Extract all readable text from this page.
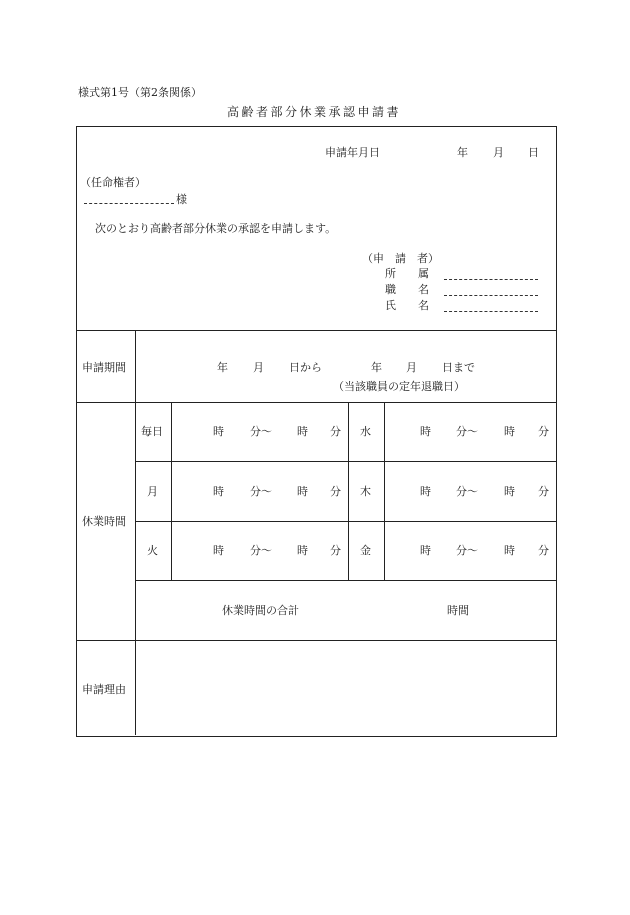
様式第1号（第2条関係）
高齢者部分休業承認申請書
申請年月日	年 月 日
（任命権者）
様
次のとおり高齢者部分休業の承認を申請します。
（申　請　者）
所　　属
職　　名
氏　　名
申請期間	年 月 日から	年 月 日まで
（当該職員の定年退職日）
休業時間
毎日	時 分〜 時 分 水	時 分〜 時 分
月	時 分〜 時 分 木	時 分〜 時 分
火	時 分〜 時 分 金	時 分〜 時 分
休業時間の合計	時間
申請理由
